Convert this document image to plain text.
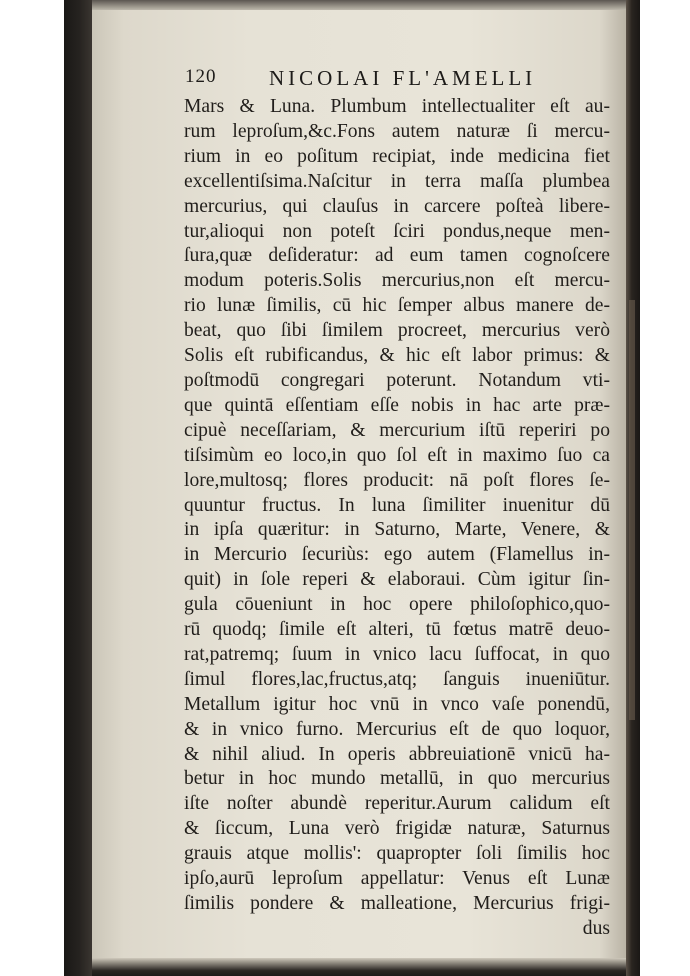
120	NICOLAI FL'AMELLI
Mars & Luna. Plumbum intellectualiter eſt au-
rum leproſum,&c.Fons autem naturæ ſi mercu-
rium in eo poſitum recipiat, inde medicina fiet
excellentiſsima.Naſcitur in terra maſſa plumbea
mercurius, qui clauſus in carcere poſteà libere-
tur,alioqui non poteſt ſciri pondus,neque men-
ſura,quæ deſideratur: ad eum tamen cognoſcere
modum poteris.Solis mercurius,non eſt mercu-
rio lunæ ſimilis, cū hic ſemper albus manere de-
beat, quo ſibi ſimilem procreet, mercurius verò
Solis eſt rubificandus, & hic eſt labor primus: &
poſtmodū congregari poterunt. Notandum vti-
que quintā eſſentiam eſſe nobis in hac arte præ-
cipuè neceſſariam, & mercurium iſtū reperiri po
tiſsimùm eo loco,in quo ſol eſt in maximo ſuo ca
lore,multosq; flores producit: nā poſt flores ſe-
quuntur fructus. In luna ſimiliter inuenitur dū
in ipſa quæritur: in Saturno, Marte, Venere, &
in Mercurio ſecuriùs: ego autem (Flamellus in-
quit) in ſole reperi & elaboraui. Cùm igitur ſin-
gula cōueniunt in hoc opere philoſophico,quo-
rū quodq; ſimile eſt alteri, tū fœtus matrē deuo-
rat,patremq; ſuum in vnico lacu ſuffocat, in quo
ſimul flores,lac,fructus,atq; ſanguis inueniūtur.
Metallum igitur hoc vnū in vnco vaſe ponendū,
& in vnico furno. Mercurius eſt de quo loquor,
& nihil aliud. In operis abbreuiationē vnicū ha-
betur in hoc mundo metallū, in quo mercurius
iſte noſter abundè reperitur.Aurum calidum eſt
& ſiccum, Luna verò frigidæ naturæ, Saturnus
grauis atque mollis': quapropter ſoli ſimilis hoc
ipſo,aurū leproſum appellatur: Venus eſt Lunæ
ſimilis pondere & malleatione, Mercurius frigi-
dus
